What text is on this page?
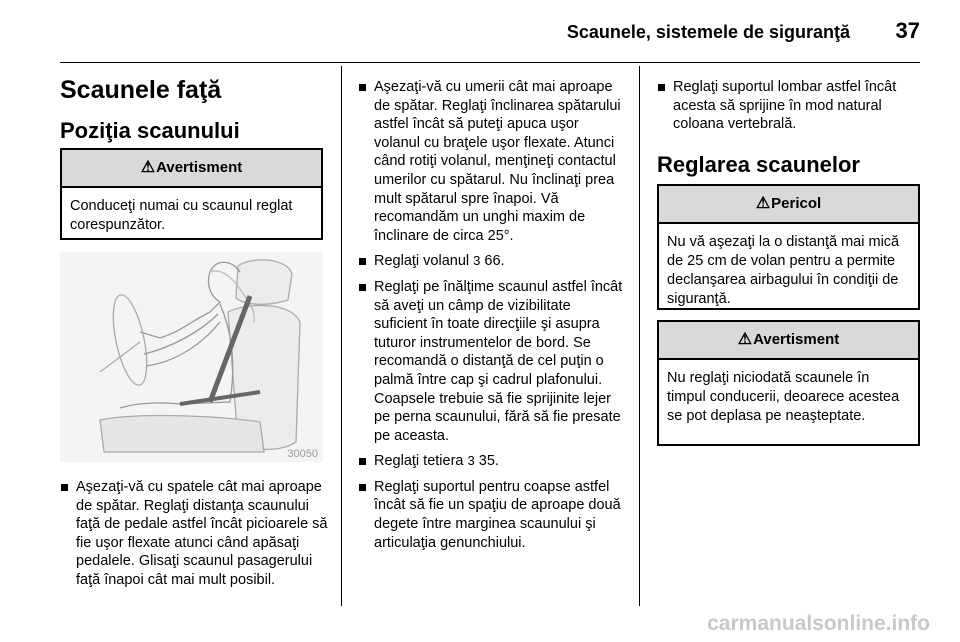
Scaunele, sistemele de siguranţă	37
Scaunele faţă
Poziţia scaunului
⚠Avertisment
Conduceţi numai cu scaunul reglat corespunzător.
30050
Aşezaţi-vă cu spatele cât mai aproape de spătar. Reglaţi distanţa scaunului faţă de pedale astfel încât picioarele să fie uşor flexate atunci când apăsaţi pedalele. Glisaţi scaunul pasagerului faţă înapoi cât mai mult posibil.
Aşezaţi-vă cu umerii cât mai aproape de spătar. Reglaţi înclinarea spătarului astfel încât să puteţi apuca uşor volanul cu braţele uşor flexate. Atunci când rotiţi volanul, menţineţi contactul umerilor cu spătarul. Nu înclinaţi prea mult spătarul spre înapoi. Vă recomandăm un unghi maxim de înclinare de circa 25°.
Reglaţi volanul 3 66.
Reglaţi pe înălţime scaunul astfel încât să aveţi un câmp de vizibilitate suficient în toate direcţiile şi asupra tuturor instrumentelor de bord. Se recomandă o distanţă de cel puţin o palmă între cap şi cadrul plafonului. Coapsele trebuie să fie sprijinite lejer pe perna scaunului, fără să fie presate pe aceasta.
Reglaţi tetiera 3 35.
Reglaţi suportul pentru coapse astfel încât să fie un spaţiu de aproape două degete între marginea scaunului şi articulaţia genunchiului.
Reglaţi suportul lombar astfel încât acesta să sprijine în mod natural coloana vertebrală.
Reglarea scaunelor
⚠Pericol
Nu vă aşezaţi la o distanţă mai mică de 25 cm de volan pentru a permite declanşarea airbagului în condiţii de siguranţă.
⚠Avertisment
Nu reglaţi niciodată scaunele în timpul conducerii, deoarece acestea se pot deplasa pe neaşteptate.
carmanualsonline.info
